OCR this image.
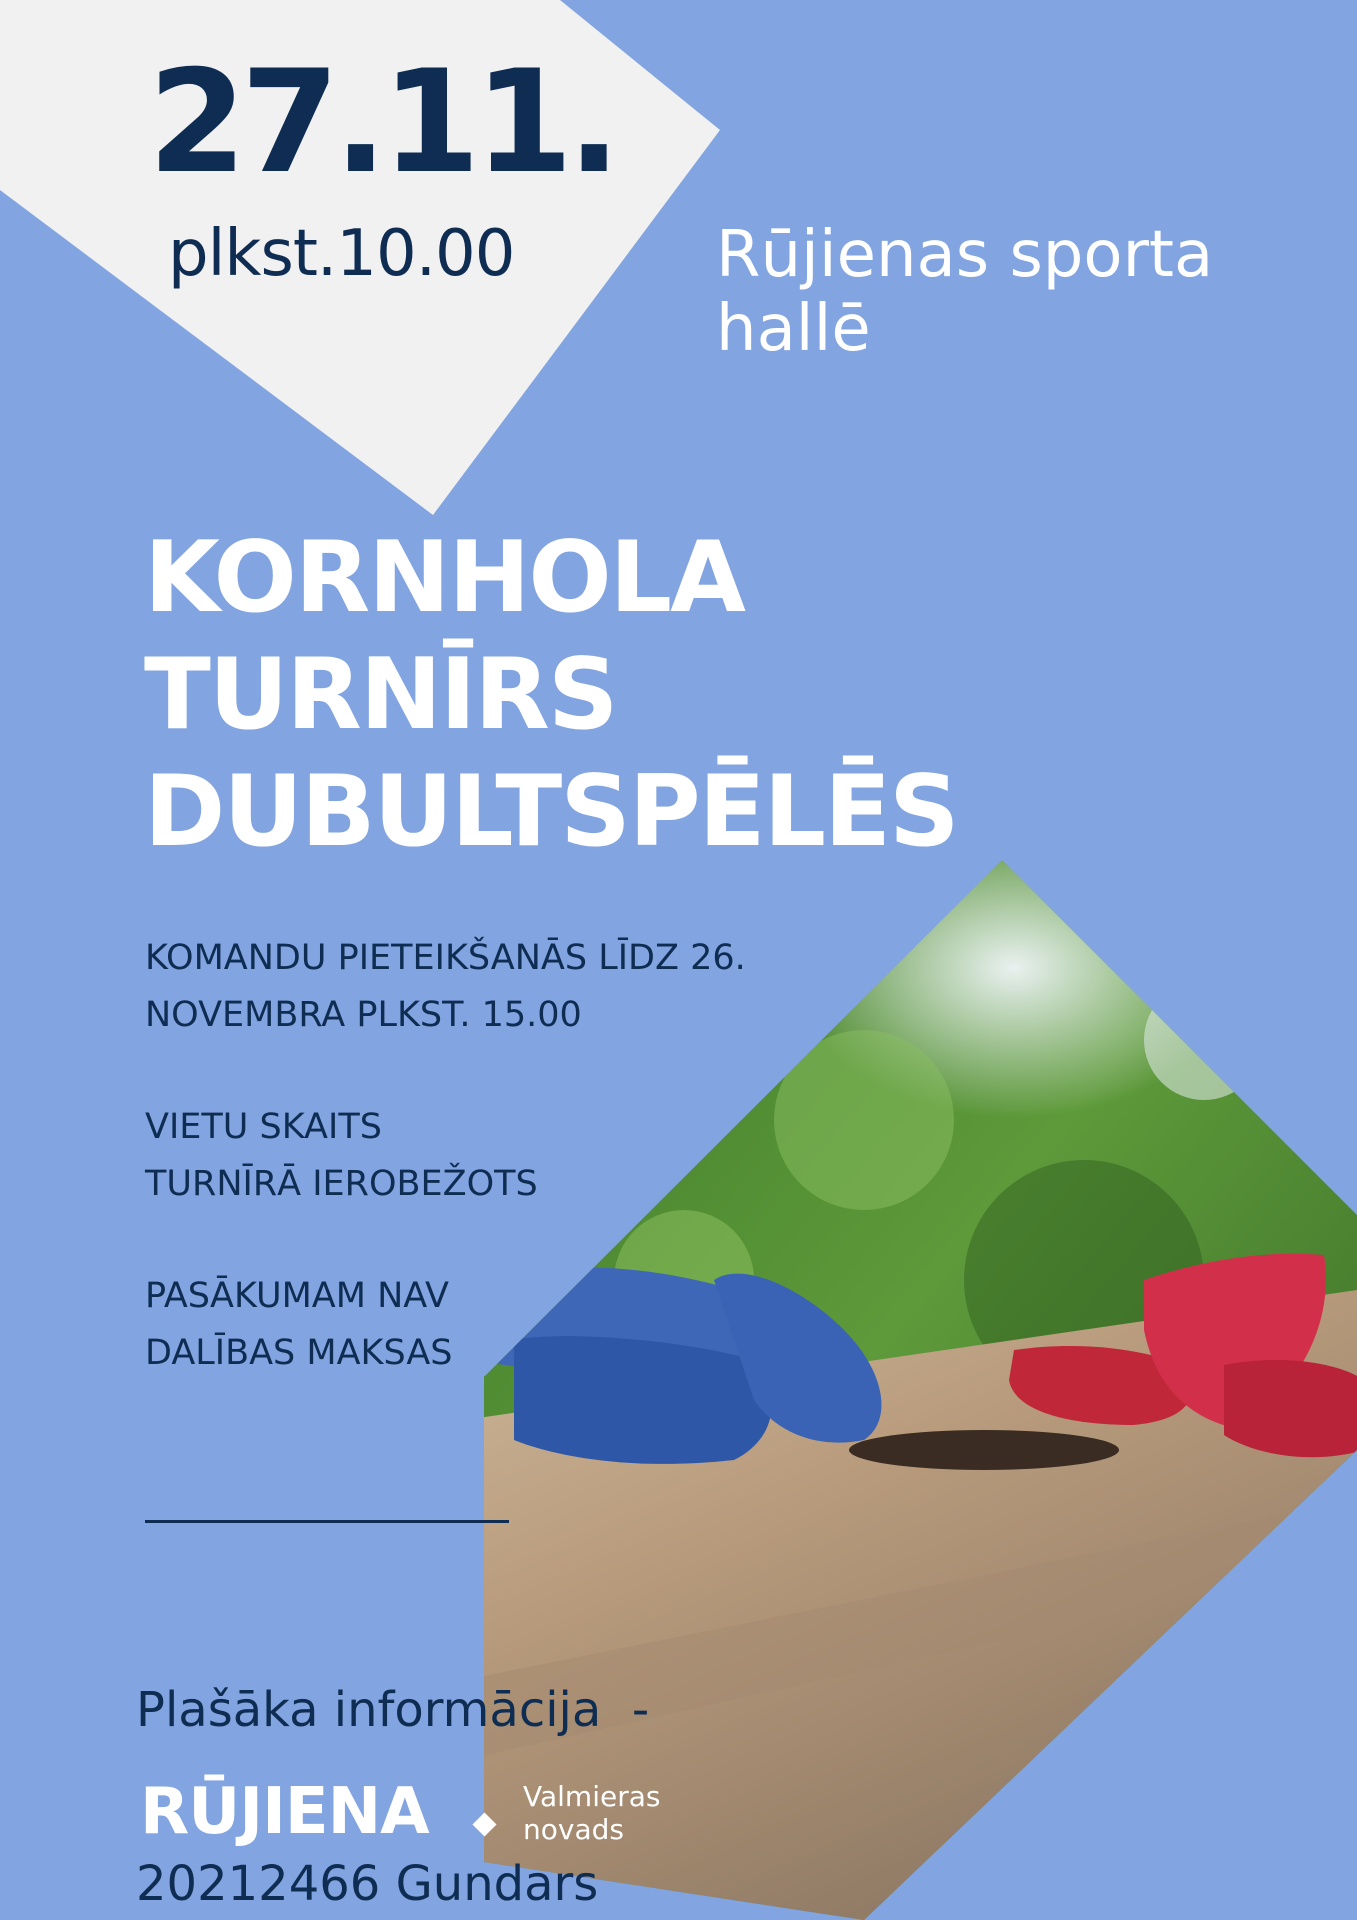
27.11.
plkst.10.00	Rūjienas sporta
hallē
KORNHOLA
TURNĪRS
DUBULTSPĒLĒS

KOMANDU PIETEIKŠANĀS LĪDZ 26.
NOVEMBRA PLKST. 15.00

VIETU SKAITS
TURNĪRĀ IEROBEŽOTS

PASĀKUMAM NAV
DALĪBAS MAKSAS

Plašāka informācija  -

20212466 Gundars

RŪJIENA	Valmieras
novads
